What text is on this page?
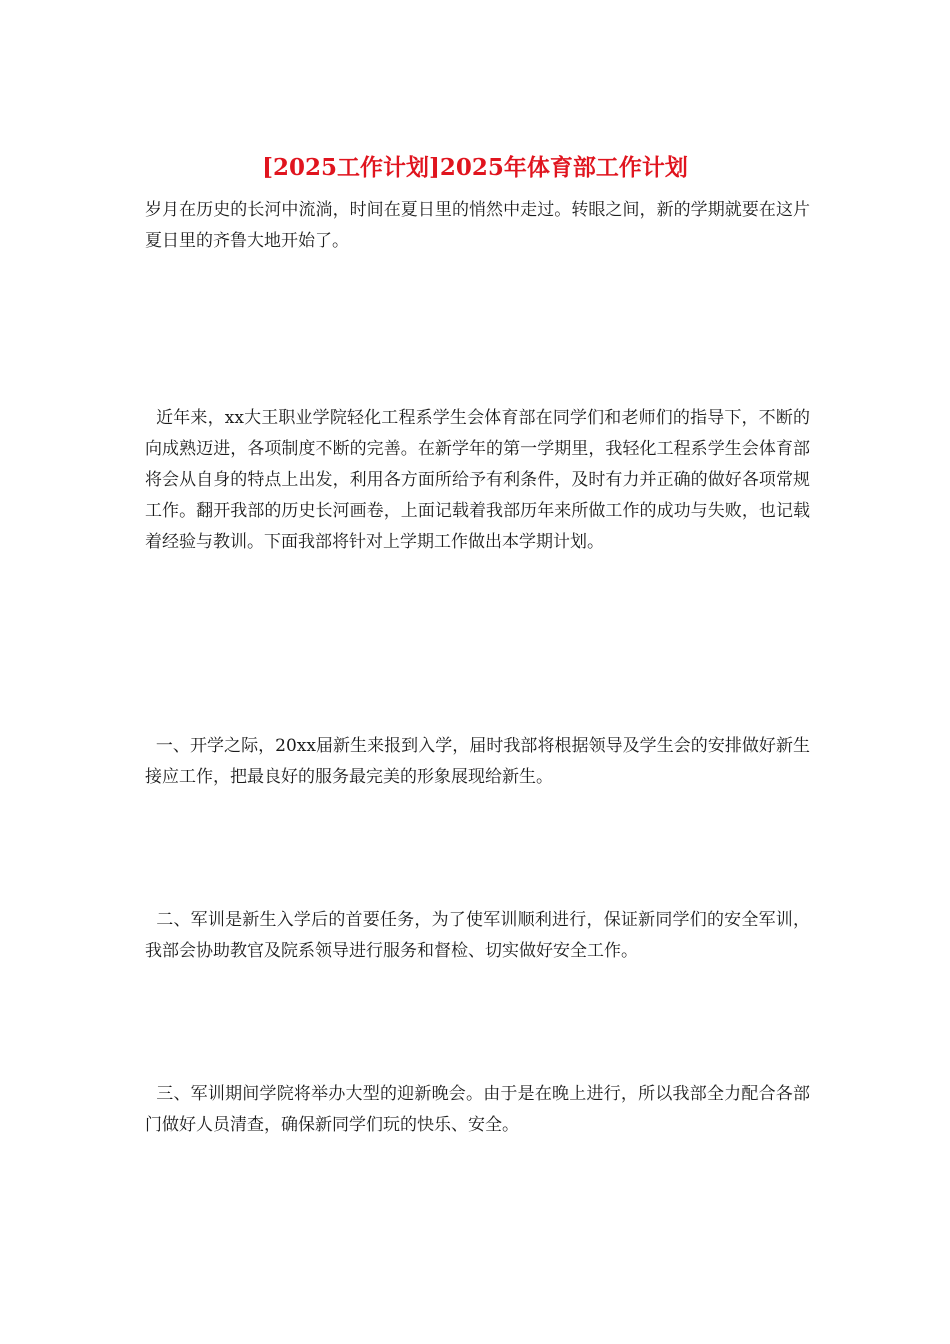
[2025工作计划]2025年体育部工作计划

岁月在历史的长河中流淌，时间在夏日里的悄然中走过。转眼之间，新的学期就要在这片夏日里的齐鲁大地开始了。

近年来，xx大王职业学院轻化工程系学生会体育部在同学们和老师们的指导下，不断的向成熟迈进，各项制度不断的完善。在新学年的第一学期里，我轻化工程系学生会体育部将会从自身的特点上出发，利用各方面所给予有利条件，及时有力并正确的做好各项常规工作。翻开我部的历史长河画卷，上面记载着我部历年来所做工作的成功与失败，也记载着经验与教训。下面我部将针对上学期工作做出本学期计划。

一、开学之际，20xx届新生来报到入学，届时我部将根据领导及学生会的安排做好新生接应工作，把最良好的服务最完美的形象展现给新生。

二、军训是新生入学后的首要任务，为了使军训顺利进行，保证新同学们的安全军训，我部会协助教官及院系领导进行服务和督检、切实做好安全工作。

三、军训期间学院将举办大型的迎新晚会。由于是在晚上进行，所以我部全力配合各部门做好人员清查，确保新同学们玩的快乐、安全。
